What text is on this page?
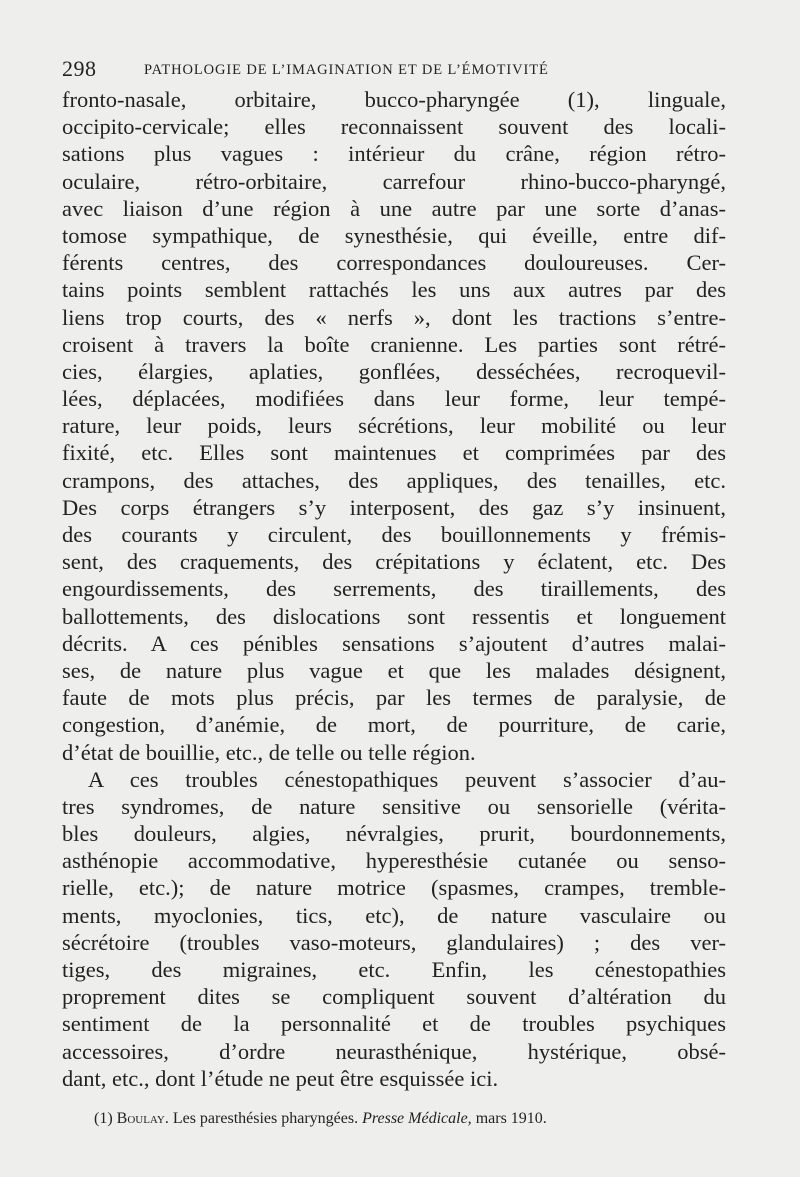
298	PATHOLOGIE DE L’IMAGINATION ET DE L’ÉMOTIVITÉ
fronto-nasale, orbitaire, bucco-pharyngée (1), linguale,
occipito-cervicale; elles reconnaissent souvent des locali-
sations plus vagues : intérieur du crâne, région rétro-
oculaire, rétro-orbitaire, carrefour rhino-bucco-pharyngé,
avec liaison d’une région à une autre par une sorte d’anas-
tomose sympathique, de synesthésie, qui éveille, entre dif-
férents centres, des correspondances douloureuses. Cer-
tains points semblent rattachés les uns aux autres par des
liens trop courts, des « nerfs », dont les tractions s’entre-
croisent à travers la boîte cranienne. Les parties sont rétré-
cies, élargies, aplaties, gonflées, desséchées, recroquevil-
lées, déplacées, modifiées dans leur forme, leur tempé-
rature, leur poids, leurs sécrétions, leur mobilité ou leur
fixité, etc. Elles sont maintenues et comprimées par des
crampons, des attaches, des appliques, des tenailles, etc.
Des corps étrangers s’y interposent, des gaz s’y insinuent,
des courants y circulent, des bouillonnements y frémis-
sent, des craquements, des crépitations y éclatent, etc. Des
engourdissements, des serrements, des tiraillements, des
ballottements, des dislocations sont ressentis et longuement
décrits. A ces pénibles sensations s’ajoutent d’autres malai-
ses, de nature plus vague et que les malades désignent,
faute de mots plus précis, par les termes de paralysie, de
congestion, d’anémie, de mort, de pourriture, de carie,
d’état de bouillie, etc., de telle ou telle région.
A ces troubles cénestopathiques peuvent s’associer d’au-
tres syndromes, de nature sensitive ou sensorielle (vérita-
bles douleurs, algies, névralgies, prurit, bourdonnements,
asthénopie accommodative, hyperesthésie cutanée ou senso-
rielle, etc.); de nature motrice (spasmes, crampes, tremble-
ments, myoclonies, tics, etc), de nature vasculaire ou
sécrétoire (troubles vaso-moteurs, glandulaires) ; des ver-
tiges, des migraines, etc. Enfin, les cénestopathies
proprement dites se compliquent souvent d’altération du
sentiment de la personnalité et de troubles psychiques
accessoires, d’ordre neurasthénique, hystérique, obsé-
dant, etc., dont l’étude ne peut être esquissée ici.
(1) Boulay. Les paresthésies pharyngées. Presse Médicale, mars 1910.
